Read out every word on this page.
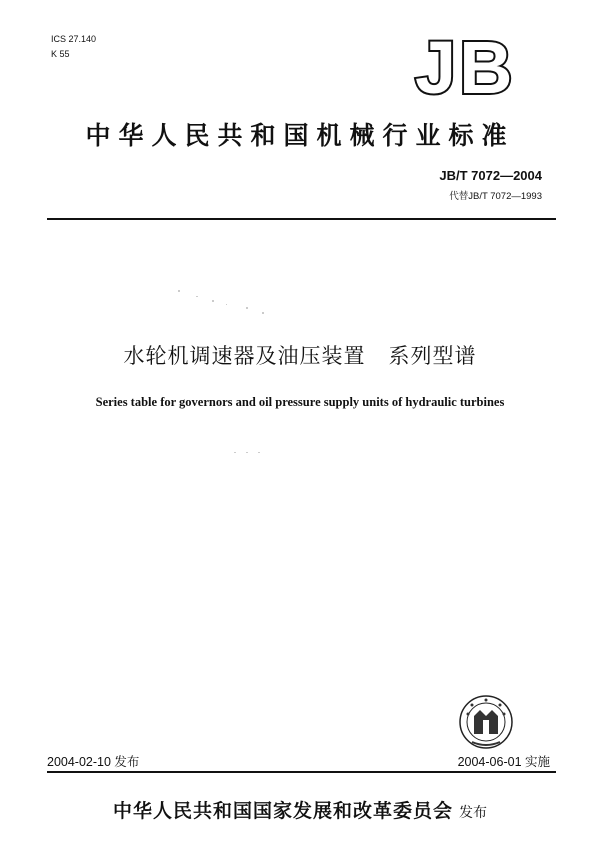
ICS 27.140
K 55	JB
中华人民共和国机械行业标准
JB/T 7072—2004
代替JB/T 7072—1993
水轮机调速器及油压装置   系列型谱
Series table for governors and oil pressure supply units of hydraulic turbines
2004-02-10 发布	2004-06-01 实施
中华人民共和国国家发展和改革委员会 发布
